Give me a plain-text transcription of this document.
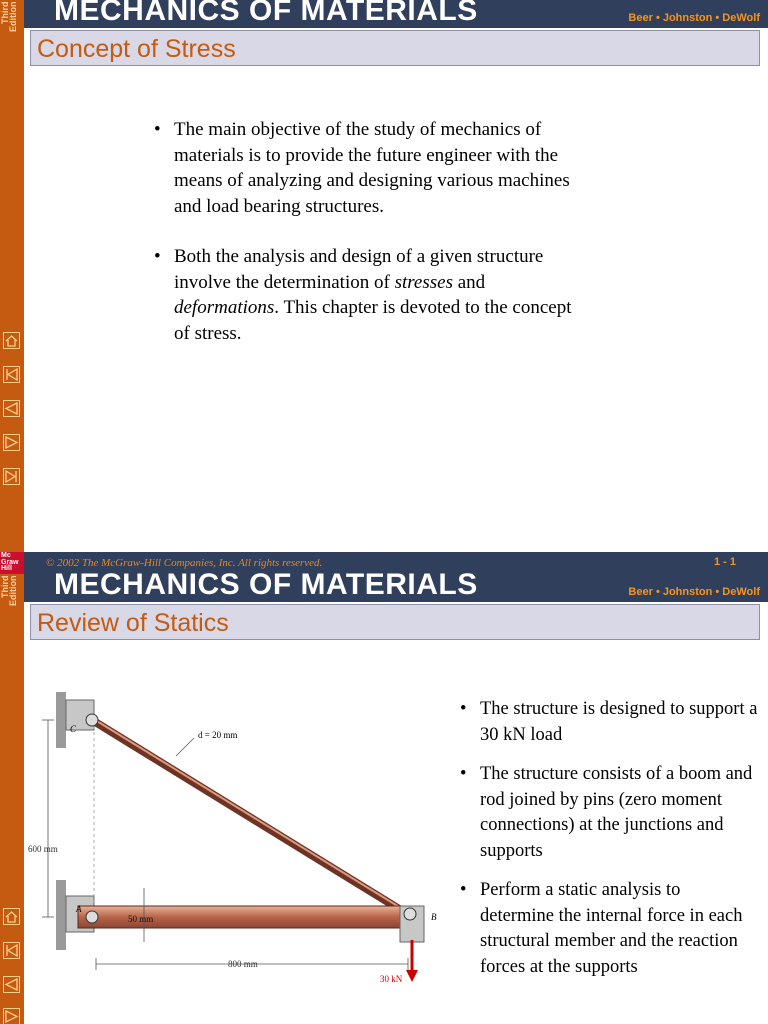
Third Edition MECHANICS OF MATERIALS	Beer • Johnston • DeWolf
Concept of Stress
• The main objective of the study of mechanics of materials is to provide the future engineer with the means of analyzing and designing various machines and load bearing structures.
• Both the analysis and design of a given structure involve the determination of stresses and deformations. This chapter is devoted to the concept of stress.
Third Edition
Mc
Graw
Hill	© 2002 The McGraw-Hill Companies, Inc. All rights reserved.	1 - 1
MECHANICS OF MATERIALS	Beer • Johnston • DeWolf
Review of Statics
C
A
B
d = 20 mm
600 mm
50 mm
800 mm
30 kN
• The structure is designed to support a 30 kN load
• The structure consists of a boom and rod joined by pins (zero moment connections) at the junctions and supports
• Perform a static analysis to determine the internal force in each structural member and the reaction forces at the supports
